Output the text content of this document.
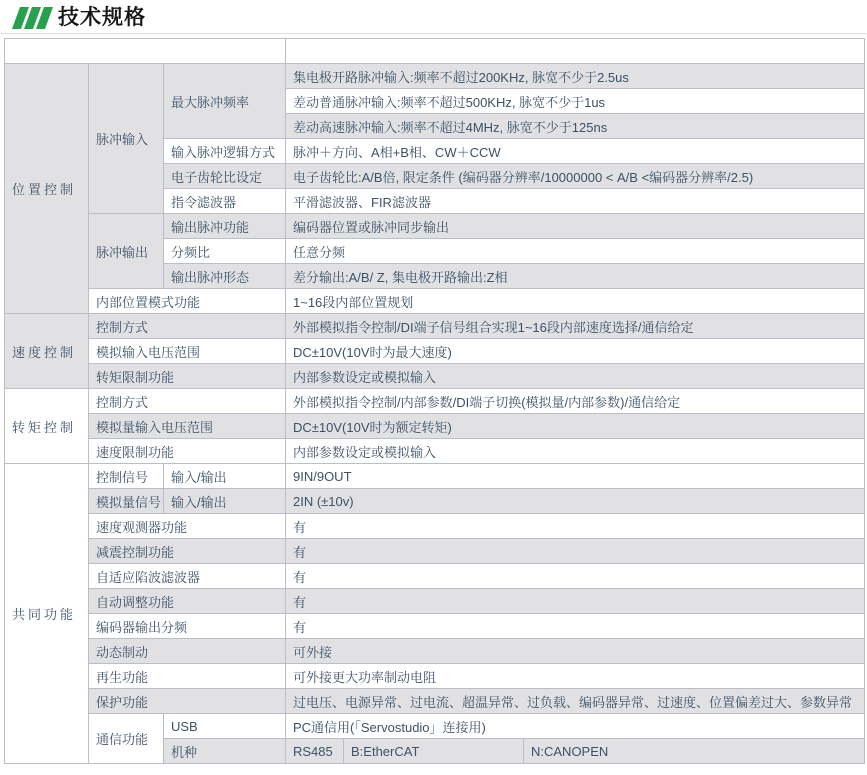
技术规格
项　目			规　格		
位置控制	脉冲输入	最大脉冲频率	集电极开路脉冲输入:频率不超过200KHz, 脉宽不少于2.5us		
			差动普通脉冲输入:频率不超过500KHz, 脉宽不少于1us		
			差动高速脉冲输入:频率不超过4MHz, 脉宽不少于125ns		
		输入脉冲逻辑方式	脉冲＋方向、A相+B相、CW＋CCW		
		电子齿轮比设定	电子齿轮比:A/B倍, 限定条件 (编码器分辨率/10000000 < A/B <编码器分辨率/2.5)		
		指令滤波器	平滑滤波器、FIR滤波器		
	脉冲输出	输出脉冲功能	编码器位置或脉冲同步输出		
		分频比	任意分频		
		输出脉冲形态	差分输出:A/B/ Z, 集电极开路输出:Z相		
	内部位置模式功能		1~16段内部位置规划		
速度控制	控制方式		外部模拟指令控制/DI端子信号组合实现1~16段内部速度选择/通信给定		
	模拟输入电压范围		DC±10V(10V时为最大速度)		
	转矩限制功能		内部参数设定或模拟输入		
转矩控制	控制方式		外部模拟指令控制/内部参数/DI端子切换(模拟量/内部参数)/通信给定		
	模拟量输入电压范围		DC±10V(10V时为额定转矩)		
	速度限制功能		内部参数设定或模拟输入		
共同功能	控制信号	输入/输出	9IN/9OUT		
	模拟量信号	输入/输出	2IN (±10v)		
	速度观测器功能		有		
	减震控制功能		有		
	自适应陷波滤波器		有		
	自动调整功能		有		
	编码器输出分频		有		
	动态制动		可外接		
	再生功能		可外接更大功率制动电阻		
	保护功能		过电压、电源异常、过电流、超温异常、过负载、编码器异常、过速度、位置偏差过大、参数异常		
	通信功能	USB	PC通信用(「Servostudio」连接用)		
		机种	RS485	B:EtherCAT	N:CANOPEN
